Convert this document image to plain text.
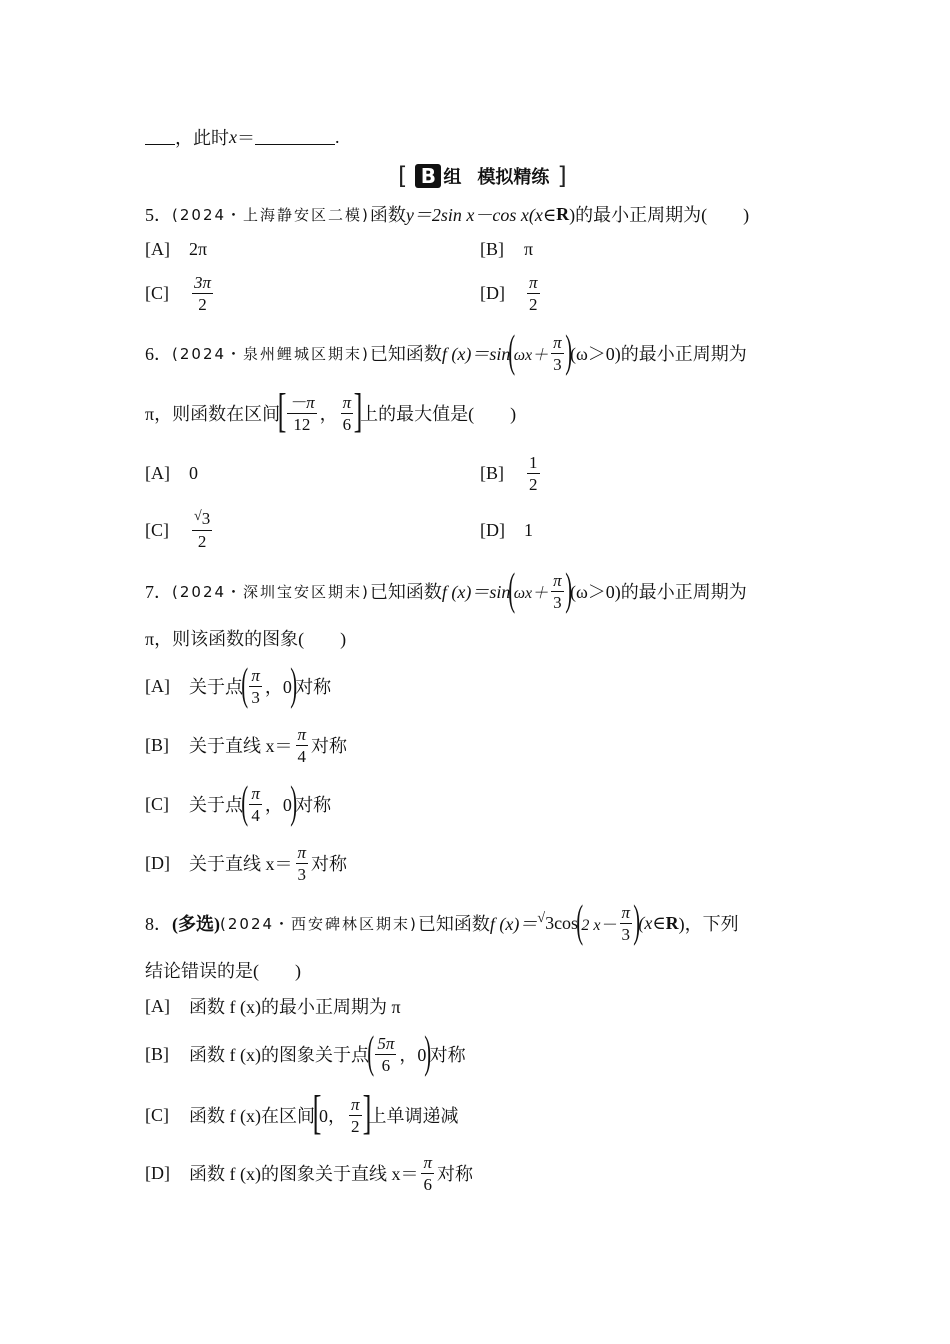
，此时 x ＝	.
[ B 组 模拟精练 ]
5． (2024・上海静安区二模) 函数 y＝2sin x－cos x(x∈ R )的最小正周期为(　　)
[A]	2π	[B]	π
[C]	$\frac{3\pi}{2}$	[D]	$\frac{\pi}{2}$
6． (2024・泉州鲤城区期末) 已知函数 f (x)＝sin
(
$\omega x+ \frac{\pi}{3}$ )
(ω＞0)的最小正周期为
π，则函数在区间
[ $\frac{-\pi}{12}$ ， $\frac{\pi}{6}$ ]
上的最大值是(　　)
[A]	0	[B]	$\frac{1}{2}$
[C]	$\frac{^√3}{2}$	[D]	1
7． (2024・深圳宝安区期末) 已知函数 f (x)＝sin
(
$\omega x+ \frac{\pi}{3}$ )
(ω＞0)的最小正周期为
π，则该函数的图象(　　)
[A]	关于点
( $\frac{\pi}{3}$ ，0
)
对称
[B]	关于直线 $x= \frac{\pi}{4}$ 对称
[C]	关于点
( $\frac{\pi}{4}$ ，0
)
对称
[D]	关于直线 $x= \frac{\pi}{3}$ 对称
8． (多选) (2024・西安碑林区期末) 已知函数 f (x)＝ √ 3 cos
(
2 $x- \frac{\pi}{3}$ )
(x∈ R )，下列
结论错误的是(　　)
[A]	函数 f (x)的最小正周期为 π
[B]	函数 f (x)的图象关于点
( $\frac{5\pi}{6}$ ，0
)
对称
[C]	函数 f (x)在区间
[
0， $\frac{\pi}{2}$ ]
上单调递减
[D]	函数 f (x)的图象关于直线 $x= \frac{\pi}{6}$ 对称
